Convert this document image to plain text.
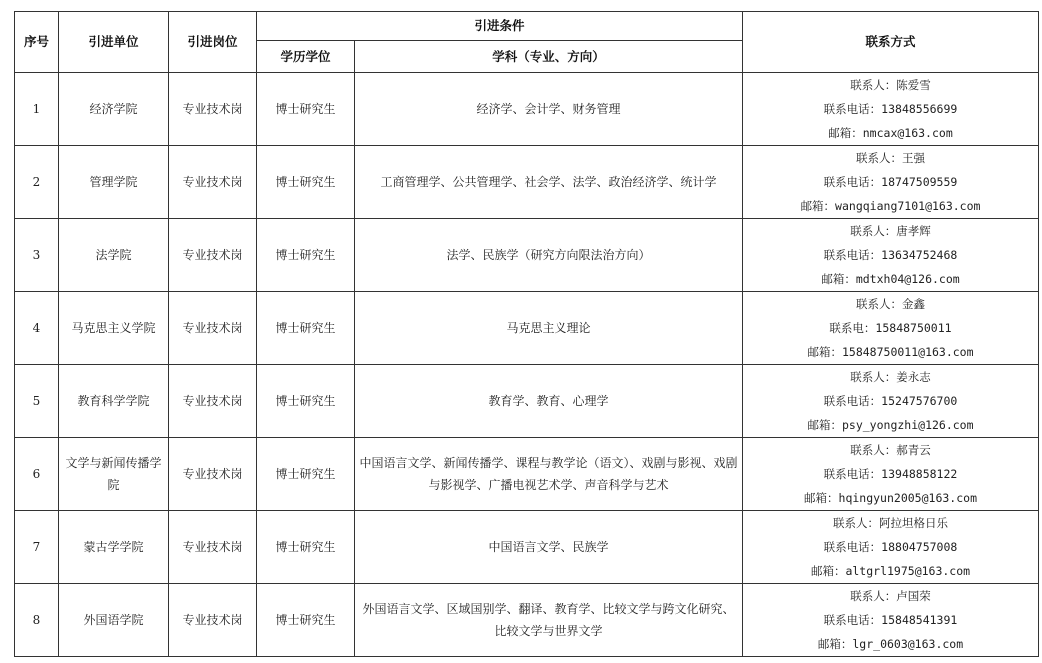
序号	引进单位	引进岗位	引进条件		联系方式
			学历学位	学科（专业、方向）	
1	经济学院	专业技术岗	博士研究生	经济学、会计学、财务管理	联系人：陈爱雪
联系电话：13848556699
邮箱：nmcax@163.com

2	管理学院	专业技术岗	博士研究生	工商管理学、公共管理学、社会学、法学、政治经济学、统计学	联系人：王强
联系电话：18747509559
邮箱：wangqiang7101@163.com

3	法学院	专业技术岗	博士研究生	法学、民族学（研究方向限法治方向）	联系人：唐孝辉
联系电话：13634752468
邮箱：mdtxh04@126.com

4	马克思主义学院	专业技术岗	博士研究生	马克思主义理论	联系人：金鑫
联系电：15848750011
邮箱：15848750011@163.com

5	教育科学学院	专业技术岗	博士研究生	教育学、教育、心理学	联系人：姜永志
联系电话：15247576700
邮箱：psy_yongzhi@126.com

6	文学与新闻传播学院	专业技术岗	博士研究生	中国语言文学、新闻传播学、课程与教学论（语文）、戏剧与影视、戏剧与影视学、广播电视艺术学、声音科学与艺术	联系人：郝青云
联系电话：13948858122
邮箱：hqingyun2005@163.com

7	蒙古学学院	专业技术岗	博士研究生	中国语言文学、民族学	联系人：阿拉坦格日乐
联系电话：18804757008
邮箱：altgrl1975@163.com

8	外国语学院	专业技术岗	博士研究生	外国语言文学、区域国别学、翻译、教育学、比较文学与跨文化研究、比较文学与世界文学	联系人：卢国荣
联系电话：15848541391
邮箱：lgr_0603@163.com
